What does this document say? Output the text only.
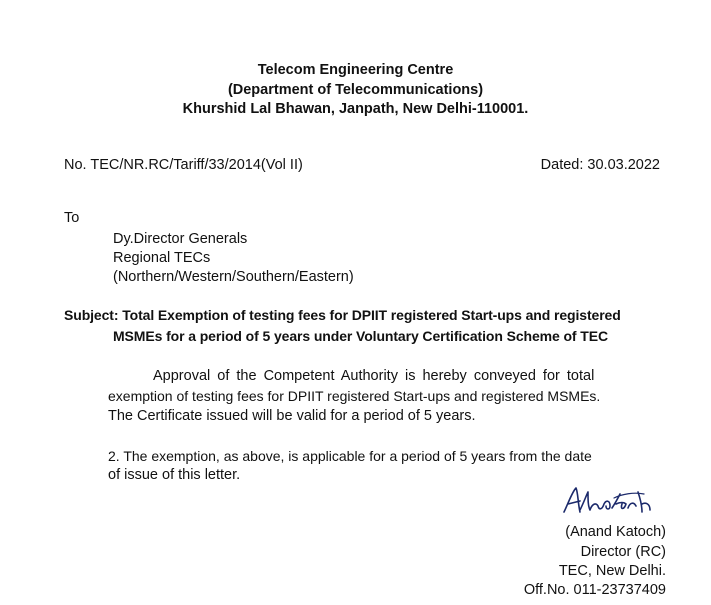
Telecom Engineering Centre
(Department of Telecommunications)
Khurshid Lal Bhawan, Janpath, New Delhi-110001.
No. TEC/NR.RC/Tariff/33/2014(Vol II)	Dated: 30.03.2022
To
Dy.Director Generals
Regional TECs
(Northern/Western/Southern/Eastern)
Subject: Total Exemption of testing fees for DPIIT registered Start-ups and registered
MSMEs for a period of 5 years under Voluntary Certification Scheme of TEC
Approval of the Competent Authority is hereby conveyed for total
exemption of testing fees for DPIIT registered Start-ups and registered MSMEs.
The Certificate issued will be valid for a period of 5 years.
2. The exemption, as above, is applicable for a period of 5 years from the date
of issue of this letter.
(Anand Katoch)
Director (RC)
TEC, New Delhi.
Off.No. 011-23737409
